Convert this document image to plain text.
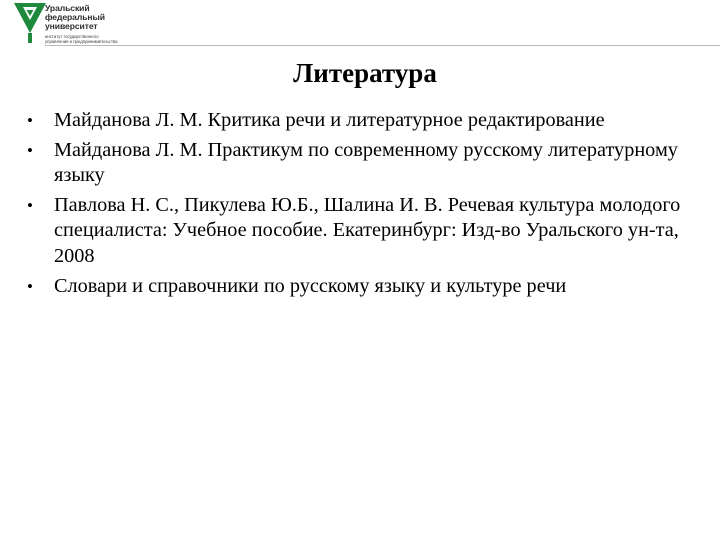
Уральский
федеральный
университет
институт государственного
управления и предпринимательства
Литература
• Майданова Л. М. Критика речи и литературное редактирование
• Майданова Л. М. Практикум по современному русскому литературному языку
• Павлова Н. С., Пикулева Ю.Б., Шалина И. В. Речевая культура молодого специалиста: Учебное пособие. Екатеринбург: Изд-во Уральского ун-та, 2008
• Словари и справочники по русскому языку и культуре речи
